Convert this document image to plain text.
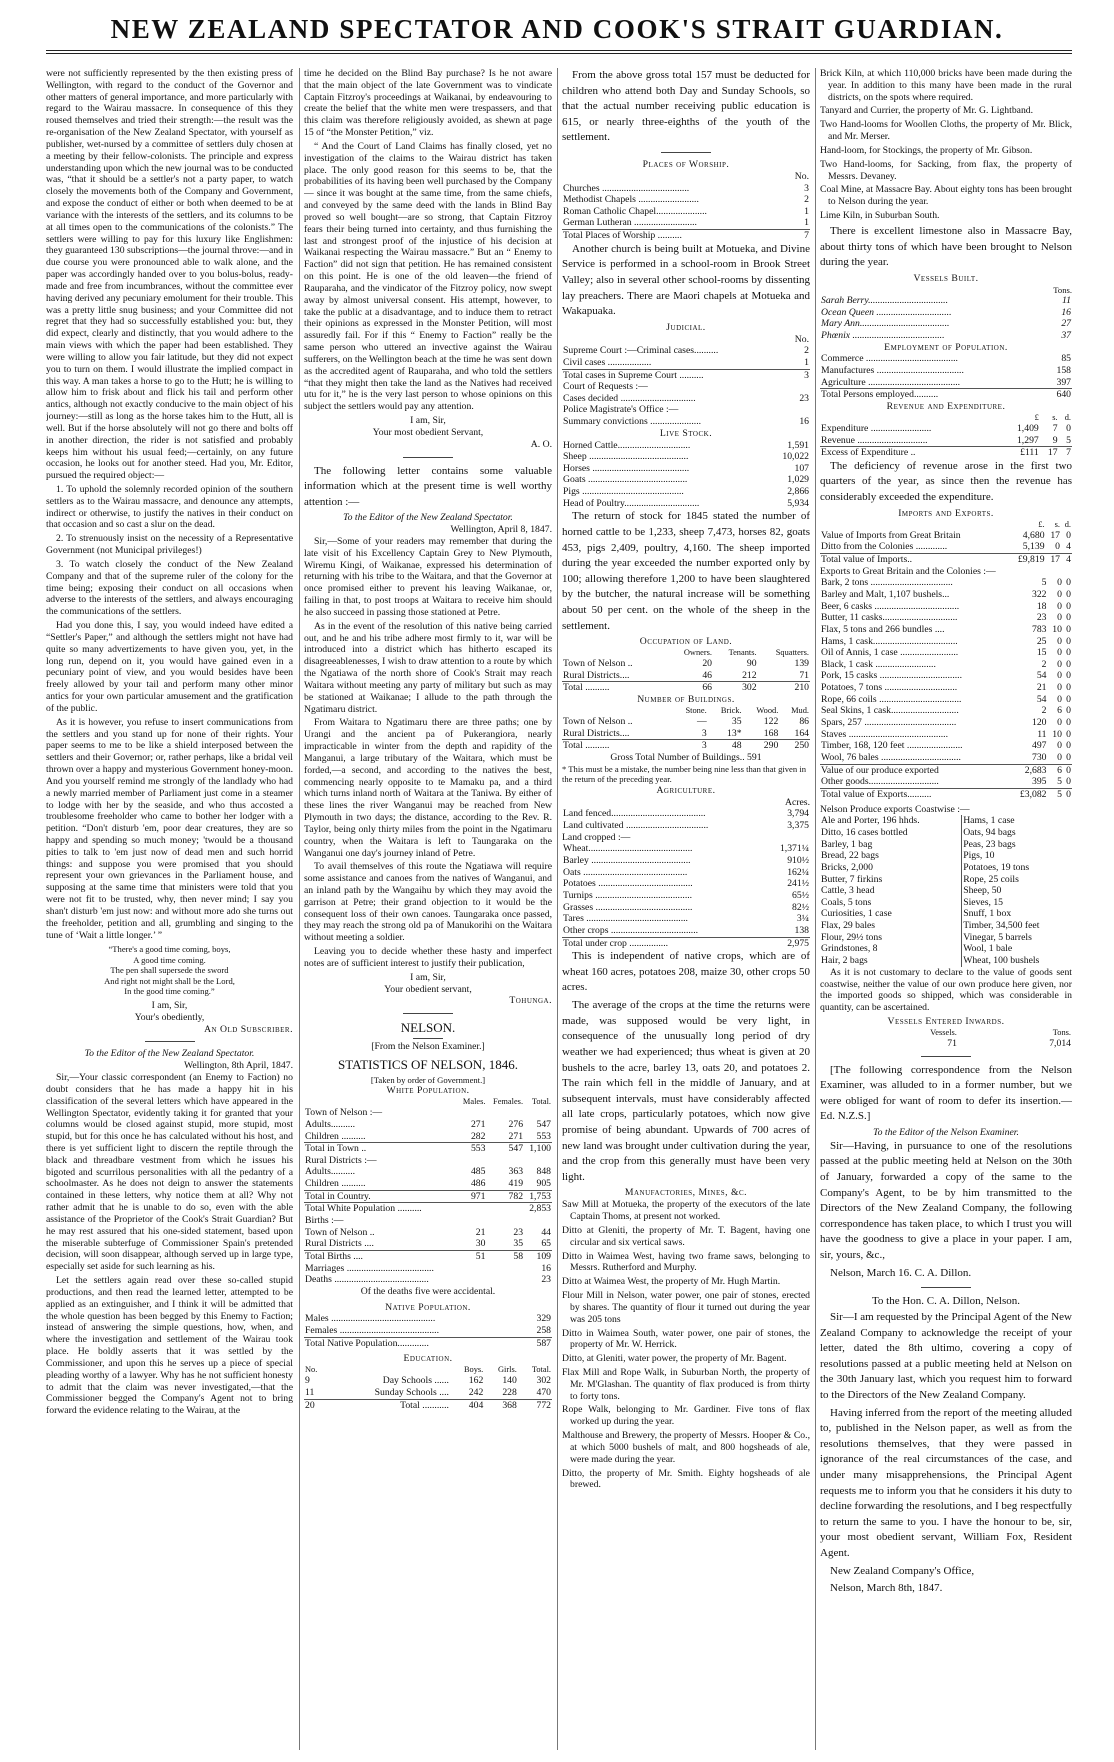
NEW ZEALAND SPECTATOR AND COOK'S STRAIT GUARDIAN.

were not sufficiently represented by the then existing press of Wellington, with regard to the conduct of the Governor and other matters of general importance, and more particularly with regard to the Wairau massacre. In consequence of this they roused themselves and tried their strength:—the result was the re-organisation of the New Zealand Spectator, with yourself as publisher, wet-nursed by a committee of settlers duly chosen at a meeting by their fellow-colonists. The principle and express understanding upon which the new journal was to be conducted was, “that it should be a settler's not a party paper, to watch closely the movements both of the Company and Government, and expose the conduct of either or both when deemed to be at variance with the interests of the settlers, and its columns to be at all times open to the communications of the colonists.” The settlers were willing to pay for this luxury like Englishmen: they guaranteed 130 subscriptions—the journal throve:—and in due course you were pronounced able to walk alone, and the paper was accordingly handed over to you bolus-bolus, ready-made and free from incumbrances, without the committee ever having derived any pecuniary emolument for their trouble. This was a pretty little snug business; and your Committee did not regret that they had so successfully established you: but, they did expect, clearly and distinctly, that you would adhere to the main views with which the paper had been established. They were willing to allow you fair latitude, but they did not expect you to turn on them. I would illustrate the implied compact in this way. A man takes a horse to go to the Hutt; he is willing to allow him to frisk about and flick his tail and perform other antics, although not exactly conducive to the main object of his journey:—still as long as the horse takes him to the Hutt, all is well. But if the horse absolutely will not go there and bolts off in another direction, the rider is not satisfied and probably keeps him without his usual feed;—certainly, on any future occasion, he looks out for another steed. Had you, Mr. Editor, pursued the required object:—

1. To uphold the solemnly recorded opinion of the southern settlers as to the Wairau massacre, and denounce any attempts, indirect or otherwise, to justify the natives in their conduct on that occasion and so cast a slur on the dead.

2. To strenuously insist on the necessity of a Representative Government (not Municipal privileges!)

3. To watch closely the conduct of the New Zealand Company and that of the supreme ruler of the colony for the time being; exposing their conduct on all occasions when adverse to the interests of the settlers, and always encouraging the communications of the settlers.

Had you done this, I say, you would indeed have edited a “Settler's Paper,” and although the settlers might not have had quite so many advertizements to have given you, yet, in the long run, depend on it, you would have gained even in a pecuniary point of view, and you would besides have been freely allowed by your tail and perform many other minor antics for your own particular amusement and the gratification of the public.

As it is however, you refuse to insert communications from the settlers and you stand up for none of their rights. Your paper seems to me to be like a shield interposed between the settlers and their Governor; or, rather perhaps, like a bridal veil thrown over a happy and mysterious Government honey-moon. And you yourself remind me strongly of the landlady who had a newly married member of Parliament just come in a steamer to lodge with her by the seaside, and who thus accosted a troublesome freeholder who came to bother her lodger with a petition. “Don't disturb 'em, poor dear creatures, they are so happy and spending so much money; 'twould be a thousand pities to talk to 'em just now of dead men and such horrid things: and suppose you were promised that you should represent your own grievances in the Parliament house, and supposing at the same time that ministers were told that you were not fit to be trusted, why, then never mind; I say you shan't disturb 'em just now: and without more ado she turns out the freeholder, petition and all, grumbling and singing to the tune of ‘Wait a little longer.’ ”

“There's a good time coming, boys,
A good time coming.
The pen shall supersede the sword
And right not might shall be the Lord,
In the good time coming.”
I am, Sir,
Your's obediently,
An Old Subscriber.
To the Editor of the New Zealand Spectator.
Wellington, 8th April, 1847.

Sir,—Your classic correspondent (an Enemy to Faction) no doubt considers that he has made a happy hit in his classification of the several letters which have appeared in the Wellington Spectator, evidently taking it for granted that your columns would be closed against stupid, more stupid, most stupid, but for this once he has calculated without his host, and there is yet sufficient light to discern the reptile through the black and threadbare vestment from which he issues his bigoted and scurrilous personalities with all the pedantry of a schoolmaster. As he does not deign to answer the statements contained in these letters, why notice them at all? Why not rather admit that he is unable to do so, even with the able assistance of the Proprietor of the Cook's Strait Guardian? But he may rest assured that his one-sided statement, based upon the miserable subterfuge of Commissioner Spain's pretended decision, will soon disappear, although served up in large type, especially set aside for such learning as his.

Let the settlers again read over these so-called stupid productions, and then read the learned letter, attempted to be applied as an extinguisher, and I think it will be admitted that the whole question has been begged by this Enemy to Faction; instead of answering the simple questions, how, when, and where the investigation and settlement of the Wairau took place. He boldly asserts that it was settled by the Commissioner, and upon this he serves up a piece of special pleading worthy of a lawyer. Why has he not sufficient honesty to admit that the claim was never investigated,—that the Commissioner begged the Company's Agent not to bring forward the evidence relating to the Wairau, at the

time he decided on the Blind Bay purchase? Is he not aware that the main object of the late Government was to vindicate Captain Fitzroy's proceedings at Waikanai, by endeavouring to create the belief that the white men were trespassers, and that this claim was therefore religiously avoided, as shewn at page 15 of “the Monster Petition,” viz.

“ And the Court of Land Claims has finally closed, yet no investigation of the claims to the Wairau district has taken place. The only good reason for this seems to be, that the probabilities of its having been well purchased by the Company — since it was bought at the same time, from the same chiefs, and conveyed by the same deed with the lands in Blind Bay proved so well bought—are so strong, that Captain Fitzroy fears their being turned into certainty, and thus furnishing the last and strongest proof of the injustice of his decision at Waikanai respecting the Wairau massacre.” But an “ Enemy to Faction” did not sign that petition. He has remained consistent on this point. He is one of the old leaven—the friend of Rauparaha, and the vindicator of the Fitzroy policy, now swept away by almost universal consent. His attempt, however, to take the public at a disadvantage, and to induce them to retract their opinions as expressed in the Monster Petition, will most assuredly fail. For if this “ Enemy to Faction” really be the same person who uttered an invective against the Wairau sufferers, on the Wellington beach at the time he was sent down as the accredited agent of Rauparaha, and who told the settlers “that they might then take the land as the Natives had received utu for it,” he is the very last person to whose opinions on this subject the settlers would pay any attention.

I am, Sir,
Your most obedient Servant,
A. O.

The following letter contains some valuable information which at the present time is well worthy attention :—

To the Editor of the New Zealand Spectator.
Wellington, April 8, 1847.

Sir,—Some of your readers may remember that during the late visit of his Excellency Captain Grey to New Plymouth, Wiremu Kingi, of Waikanae, expressed his determination of returning with his tribe to the Waitara, and that the Governor at once promised either to prevent his leaving Waikanae, or, failing in that, to post troops at Waitara to receive him should he also succeed in passing those stationed at Petre.

As in the event of the resolution of this native being carried out, and he and his tribe adhere most firmly to it, war will be introduced into a district which has hitherto escaped its disagreeablenesses, I wish to draw attention to a route by which the Ngatiawa of the north shore of Cook's Strait may reach Waitara without meeting any party of military but such as may be stationed at Waikanae; I allude to the path through the Ngatimaru district.

From Waitara to Ngatimaru there are three paths; one by Urangi and the ancient pa of Pukerangiora, nearly impracticable in winter from the depth and rapidity of the Manganui, a large tributary of the Waitara, which must be forded,—a second, and according to the natives the best, commencing nearly opposite to te Mamaku pa, and a third which turns inland north of Waitara at the Taniwa. By either of these lines the river Wanganui may be reached from New Plymouth in two days; the distance, according to the Rev. R. Taylor, being only thirty miles from the point in the Ngatimaru country, when the Waitara is left to Taungaraka on the Wanganui one day's journey inland of Petre.

To avail themselves of this route the Ngatiawa will require some assistance and canoes from the natives of Wanganui, and an inland path by the Wangaihu by which they may avoid the garrison at Petre; their grand objection to it would be the consequent loss of their own canoes. Taungaraka once passed, they may reach the strong old pa of Manukorihi on the Waitara without meeting a soldier.

Leaving you to decide whether these hasty and imperfect notes are of sufficient interest to justify their publication,

I am, Sir,
Your obedient servant,
Tohunga.
NELSON.
[From the Nelson Examiner.]
STATISTICS OF NELSON, 1846.
[Taken by order of Government.]
White Population.
	Males.	Females.	Total.
Town of Nelson :—			
Adults..........	271	276	547
Children ..........	282	271	553
Total in Town ..	553	547	1,100
Rural Districts :—			
Adults..........	485	363	848
Children ..........	486	419	905
Total in Country.	971	782	1,753
Total White Population ..........			2,853
Births :—			
Town of Nelson ..	21	23	44
Rural Districts ....	30	35	65
Total Births ....	51	58	109
Marriages ....................................			16
Deaths .......................................			23
Of the deaths five were accidental.
Native Population.
Males ...........................................	329
Females .........................................	258
Total Native Population.............	587
Education.
No.		Boys.	Girls.	Total.
9	Day Schools ......	162	140	302
11	Sunday Schools ....	242	228	470
20	Total ...........	404	368	772

From the above gross total 157 must be deducted for children who attend both Day and Sunday Schools, so that the actual number receiving public education is 615, or nearly three-eighths of the youth of the settlement.

Places of Worship.
	No.
Churches ....................................	3
Methodist Chapels .........................	2
Roman Catholic Chapel.....................	1
German Lutheran ..........................	1
Total Places of Worship ..........	7

Another church is being built at Motueka, and Divine Service is performed in a school-room in Brook Street Valley; also in several other school-rooms by dissenting lay preachers. There are Maori chapels at Motueka and Wakapuaka.

Judicial.
	No.
Supreme Court :—Criminal cases..........	2
Civil cases ..................	1
Total cases in Supreme Court ..........	3
Court of Requests :—	
Cases decided ...............................	23
Police Magistrate's Office :—	
Summary convictions .....................	16
Live Stock.
Horned Cattle..............................	1,591
Sheep .........................................	10,022
Horses ........................................	107
Goats .........................................	1,029
Pigs ..........................................	2,866
Head of Poultry...............................	5,934

The return of stock for 1845 stated the number of horned cattle to be 1,233, sheep 7,473, horses 82, goats 453, pigs 2,409, poultry, 4,160. The sheep imported during the year exceeded the number exported only by 100; allowing therefore 1,200 to have been slaughtered by the butcher, the natural increase will be something about 50 per cent. on the whole of the sheep in the settlement.

Occupation of Land.
	Owners.	Tenants.	Squatters.
Town of Nelson ..	20	90	139
Rural Districts....	46	212	71
Total ..........	66	302	210
Number of Buildings.
	Stone.	Brick.	Wood.	Mud.
Town of Nelson ..	—	35	122	86
Rural Districts....	3	13*	168	164
Total ..........	3	48	290	250
Gross Total Number of Buildings.. 591
* This must be a mistake, the number being nine less than that given in the return of the preceding year.
Agriculture.
Acres.
Land fenced.......................................	3,794
Land cultivated ..................................	3,375
Land cropped :—
Wheat...........................................	1,371¼
Barley .........................................	910½
Oats ...........................................	162¼
Potatoes .......................................	241½
Turnips ........................................	65½
Grasses ........................................	82½
Tares ..........................................	3¼
Other crops ....................................	138
Total under crop ................	2,975

This is independent of native crops, which are of wheat 160 acres, potatoes 208, maize 30, other crops 50 acres.

The average of the crops at the time the returns were made, was supposed would be very light, in consequence of the unusually long period of dry weather we had experienced; thus wheat is given at 20 bushels to the acre, barley 13, oats 20, and potatoes 2. The rain which fell in the middle of January, and at subsequent intervals, must have considerably affected all late crops, particularly potatoes, which now give promise of being abundant. Upwards of 700 acres of new land was brought under cultivation during the year, and the crop from this generally must have been very light.

Manufactories, Mines, &c.

Saw Mill at Motueka, the property of the executors of the late Captain Thoms, at present not worked.

Ditto at Gleniti, the property of Mr. T. Bagent, having one circular and six vertical saws.

Ditto in Waimea West, having two frame saws, belonging to Messrs. Rutherford and Murphy.

Ditto at Waimea West, the property of Mr. Hugh Martin.

Flour Mill in Nelson, water power, one pair of stones, erected by shares. The quantity of flour it turned out during the year was 205 tons

Ditto in Waimea South, water power, one pair of stones, the property of Mr. W. Herrick.

Ditto, at Gleniti, water power, the property of Mr. Bagent.

Flax Mill and Rope Walk, in Suburban North, the property of Mr. M'Glashan. The quantity of flax produced is from thirty to forty tons.

Rope Walk, belonging to Mr. Gardiner. Five tons of flax worked up during the year.

Malthouse and Brewery, the property of Messrs. Hooper & Co., at which 5000 bushels of malt, and 800 hogsheads of ale, were made during the year.

Ditto, the property of Mr. Smith. Eighty hogsheads of ale brewed.

Brick Kiln, at which 110,000 bricks have been made during the year. In addition to this many have been made in the rural districts, on the spots where required.

Tanyard and Currier, the property of Mr. G. Lightband.

Two Hand-looms for Woollen Cloths, the property of Mr. Blick, and Mr. Merser.

Hand-loom, for Stockings, the property of Mr. Gibson.

Two Hand-looms, for Sacking, from flax, the property of Messrs. Devaney.

Coal Mine, at Massacre Bay. About eighty tons has been brought to Nelson during the year.

Lime Kiln, in Suburban South.

There is excellent limestone also in Massacre Bay, about thirty tons of which have been brought to Nelson during the year.

Vessels Built.
Tons.
Sarah Berry.................................	11
Ocean Queen ...............................	16
Mary Ann.....................................	27
Phœnix ......................................	37
Employment of Population.
Commerce ......................................	85
Manufactures ....................................	158
Agriculture ......................................	397
Total Persons employed..........	640
Revenue and Expenditure.
	£	s.	d.
Expenditure .........................	1,409	7	0
Revenue .............................	1,297	9	5
Excess of Expenditure ..	£111	17	7

The deficiency of revenue arose in the first two quarters of the year, as since then the revenue has considerably exceeded the expenditure.

Imports and Exports.
	£.	s.	d.
Value of Imports from Great Britain	4,680	17	0
Ditto from the Colonies .............	5,139	0	4
Total value of Imports..	£9,819	17	4
Exports to Great Britain and the Colonies :—
Bark, 2 tons ..................................	5	0	0
Barley and Malt, 1,107 bushels...	322	0	0
Beer, 6 casks ...................................	18	0	0
Butter, 11 casks...............................	23	0	0
Flax, 5 tons and 266 bundles ....	783	10	0
Hams, 1 cask...................................	25	0	0
Oil of Annis, 1 case ........................	15	0	0
Black, 1 cask .........................	2	0	0
Pork, 15 casks ..................................	54	0	0
Potatoes, 7 tons ..............................	21	0	0
Rope, 66 coils ..................................	54	0	0
Seal Skins, 1 cask............................	2	6	0
Spars, 257 ......................................	120	0	0
Staves .........................................	11	10	0
Timber, 168, 120 feet .......................	497	0	0
Wool, 76 bales .................................	730	0	0
Value of our produce exported	2,683	6	0
Other goods.............................	395	5	0
Total value of Exports..........	£3,082	5	0
Nelson Produce exports Coastwise :—
Ale and Porter, 196 hhds.	Hams, 1 case
Ditto, 16 cases bottled	Oats, 94 bags
Barley, 1 bag	Peas, 23 bags
Bread, 22 bags	Pigs, 10
Bricks, 2,000	Potatoes, 19 tons
Butter, 7 firkins	Rope, 25 coils
Cattle, 3 head	Sheep, 50
Coals, 5 tons	Sieves, 15
Curiosities, 1 case	Snuff, 1 box
Flax, 29 bales	Timber, 34,500 feet
Flour, 29½ tons	Vinegar, 5 barrels
Grindstones, 8	Wool, 1 bale
Hair, 2 bags	Wheat, 100 bushels

As it is not customary to declare to the value of goods sent coastwise, neither the value of our own produce here given, nor the imported goods so shipped, which was considerable in quantity, can be ascertained.

Vessels Entered Inwards.
Vessels.	Tons.
71	7,014

[The following correspondence from the Nelson Examiner, was alluded to in a former number, but we were obliged for want of room to defer its insertion.—Ed. N.Z.S.]

To the Editor of the Nelson Examiner.

Sir—Having, in pursuance to one of the resolutions passed at the public meeting held at Nelson on the 30th of January, forwarded a copy of the same to the Company's Agent, to be by him transmitted to the Directors of the New Zealand Company, the following correspondence has taken place, to which I trust you will have the goodness to give a place in your paper. I am, sir, yours, &c.,

Nelson, March 16. C. A. Dillon.

To the Hon. C. A. Dillon, Nelson.

Sir—I am requested by the Principal Agent of the New Zealand Company to acknowledge the receipt of your letter, dated the 8th ultimo, covering a copy of resolutions passed at a public meeting held at Nelson on the 30th January last, which you request him to forward to the Directors of the New Zealand Company.

Having inferred from the report of the meeting alluded to, published in the Nelson paper, as well as from the resolutions themselves, that they were passed in ignorance of the real circumstances of the case, and under many misapprehensions, the Principal Agent requests me to inform you that he considers it his duty to decline forwarding the resolutions, and I beg respectfully to return the same to you. I have the honour to be, sir, your most obedient servant, William Fox, Resident Agent.

New Zealand Company's Office,

Nelson, March 8th, 1847.
